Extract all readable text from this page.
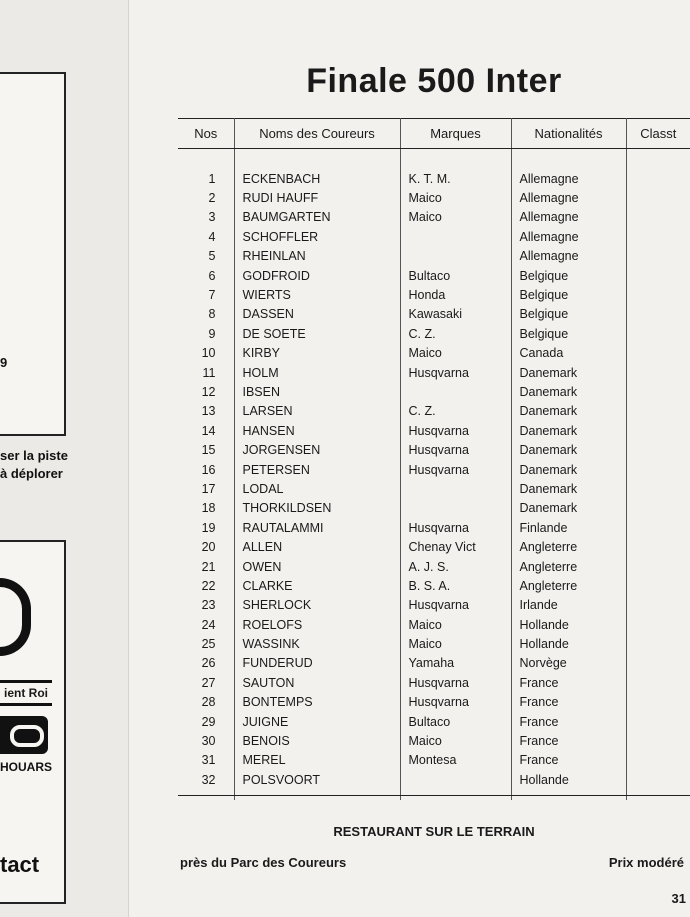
9
ser la piste
à déplorer
ient Roi
HOUARS
tact
Finale 500 Inter
Nos	Noms des Coureurs	Marques	Nationalités	Classt

1	ECKENBACH	K. T. M.	Allemagne	
2	RUDI HAUFF	Maico	Allemagne	
3	BAUMGARTEN	Maico	Allemagne	
4	SCHOFFLER		Allemagne	
5	RHEINLAN		Allemagne	
6	GODFROID	Bultaco	Belgique	
7	WIERTS	Honda	Belgique	
8	DASSEN	Kawasaki	Belgique	
9	DE SOETE	C. Z.	Belgique	
10	KIRBY	Maico	Canada	
11	HOLM	Husqvarna	Danemark	
12	IBSEN		Danemark	
13	LARSEN	C. Z.	Danemark	
14	HANSEN	Husqvarna	Danemark	
15	JORGENSEN	Husqvarna	Danemark	
16	PETERSEN	Husqvarna	Danemark	
17	LODAL		Danemark	
18	THORKILDSEN		Danemark	
19	RAUTALAMMI	Husqvarna	Finlande	
20	ALLEN	Chenay Vict	Angleterre	
21	OWEN	A. J. S.	Angleterre	
22	CLARKE	B. S. A.	Angleterre	
23	SHERLOCK	Husqvarna	Irlande	
24	ROELOFS	Maico	Hollande	
25	WASSINK	Maico	Hollande	
26	FUNDERUD	Yamaha	Norvège	
27	SAUTON	Husqvarna	France	
28	BONTEMPS	Husqvarna	France	
29	JUIGNE	Bultaco	France	
30	BENOIS	Maico	France	
31	MEREL	Montesa	France	
32	POLSVOORT		Hollande	

RESTAURANT SUR LE TERRAIN
près du Parc des Coureurs	Prix modéré
31
